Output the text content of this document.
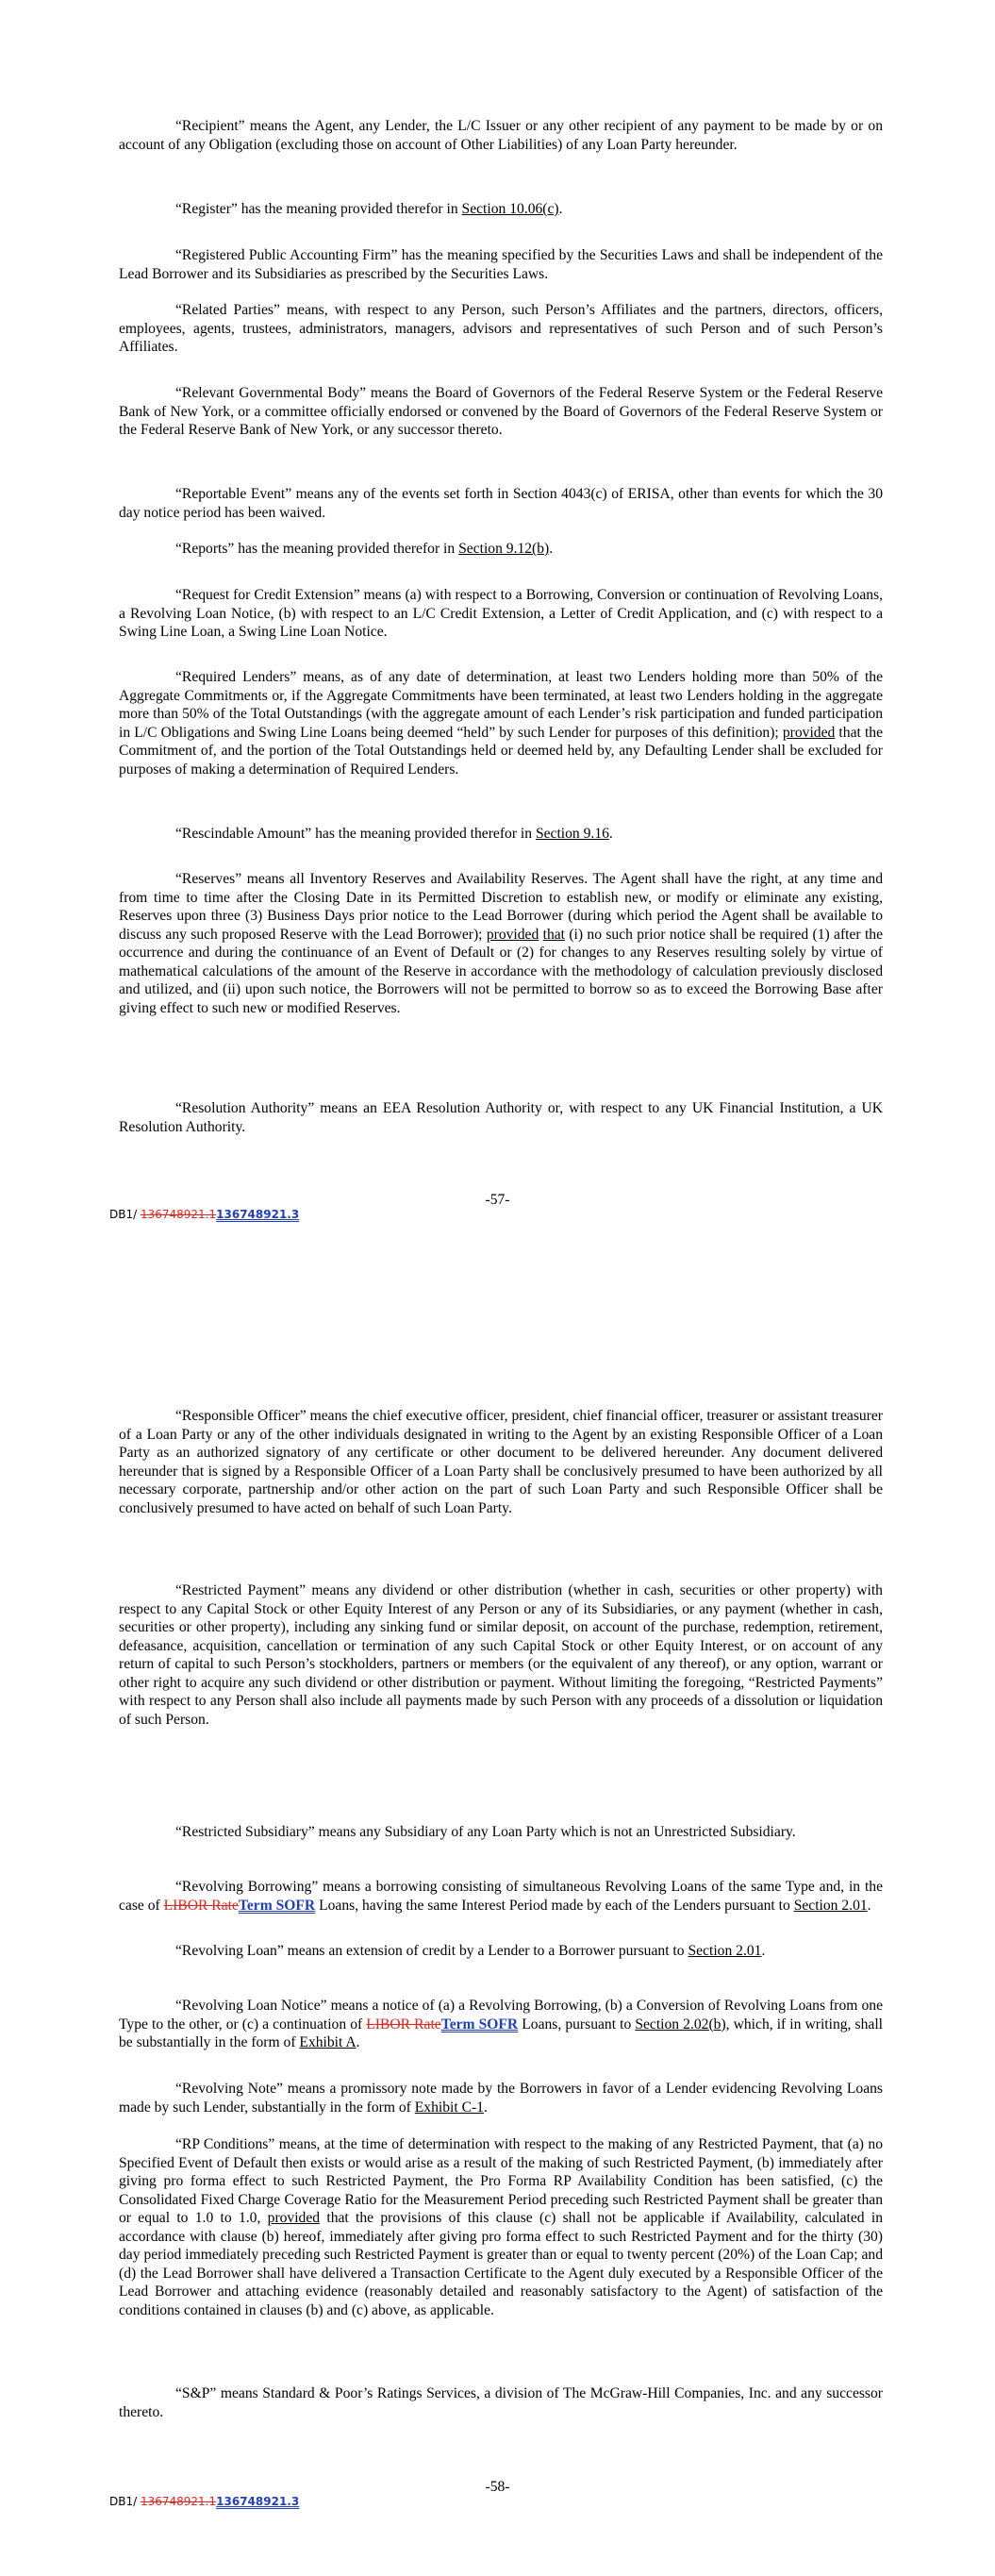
“Recipient” means the Agent, any Lender, the L/C Issuer or any other recipient of any payment to be made by or on account of any Obligation (excluding those on account of Other Liabilities) of any Loan Party hereunder.

“Register” has the meaning provided therefor in Section 10.06(c).

“Registered Public Accounting Firm” has the meaning specified by the Securities Laws and shall be independent of the Lead Borrower and its Subsidiaries as prescribed by the Securities Laws.

“Related Parties” means, with respect to any Person, such Person’s Affiliates and the partners, directors, officers, employees, agents, trustees, administrators, managers, advisors and representatives of such Person and of such Person’s Affiliates.

“Relevant Governmental Body” means the Board of Governors of the Federal Reserve System or the Federal Reserve Bank of New York, or a committee officially endorsed or convened by the Board of Governors of the Federal Reserve System or the Federal Reserve Bank of New York, or any successor thereto.

“Reportable Event” means any of the events set forth in Section 4043(c) of ERISA, other than events for which the 30 day notice period has been waived.

“Reports” has the meaning provided therefor in Section 9.12(b).

“Request for Credit Extension” means (a) with respect to a Borrowing, Conversion or continuation of Revolving Loans, a Revolving Loan Notice, (b) with respect to an L/C Credit Extension, a Letter of Credit Application, and (c) with respect to a Swing Line Loan, a Swing Line Loan Notice.

“Required Lenders” means, as of any date of determination, at least two Lenders holding more than 50% of the Aggregate Commitments or, if the Aggregate Commitments have been terminated, at least two Lenders holding in the aggregate more than 50% of the Total Outstandings (with the aggregate amount of each Lender’s risk participation and funded participation in L/C Obligations and Swing Line Loans being deemed “held” by such Lender for purposes of this definition); provided that the Commitment of, and the portion of the Total Outstandings held or deemed held by, any Defaulting Lender shall be excluded for purposes of making a determination of Required Lenders.

“Rescindable Amount” has the meaning provided therefor in Section 9.16.

“Reserves” means all Inventory Reserves and Availability Reserves. The Agent shall have the right, at any time and from time to time after the Closing Date in its Permitted Discretion to establish new, or modify or eliminate any existing, Reserves upon three (3) Business Days prior notice to the Lead Borrower (during which period the Agent shall be available to discuss any such proposed Reserve with the Lead Borrower); provided that (i) no such prior notice shall be required (1) after the occurrence and during the continuance of an Event of Default or (2) for changes to any Reserves resulting solely by virtue of mathematical calculations of the amount of the Reserve in accordance with the methodology of calculation previously disclosed and utilized, and (ii) upon such notice, the Borrowers will not be permitted to borrow so as to exceed the Borrowing Base after giving effect to such new or modified Reserves.

“Resolution Authority” means an EEA Resolution Authority or, with respect to any UK Financial Institution, a UK Resolution Authority.

DB1/ 136748921.1136748921.3
-57-

“Responsible Officer” means the chief executive officer, president, chief financial officer, treasurer or assistant treasurer of a Loan Party or any of the other individuals designated in writing to the Agent by an existing Responsible Officer of a Loan Party as an authorized signatory of any certificate or other document to be delivered hereunder. Any document delivered hereunder that is signed by a Responsible Officer of a Loan Party shall be conclusively presumed to have been authorized by all necessary corporate, partnership and/or other action on the part of such Loan Party and such Responsible Officer shall be conclusively presumed to have acted on behalf of such Loan Party.

“Restricted Payment” means any dividend or other distribution (whether in cash, securities or other property) with respect to any Capital Stock or other Equity Interest of any Person or any of its Subsidiaries, or any payment (whether in cash, securities or other property), including any sinking fund or similar deposit, on account of the purchase, redemption, retirement, defeasance, acquisition, cancellation or termination of any such Capital Stock or other Equity Interest, or on account of any return of capital to such Person’s stockholders, partners or members (or the equivalent of any thereof), or any option, warrant or other right to acquire any such dividend or other distribution or payment. Without limiting the foregoing, “Restricted Payments” with respect to any Person shall also include all payments made by such Person with any proceeds of a dissolution or liquidation of such Person.

“Restricted Subsidiary” means any Subsidiary of any Loan Party which is not an Unrestricted Subsidiary.

“Revolving Borrowing” means a borrowing consisting of simultaneous Revolving Loans of the same Type and, in the case of LIBOR RateTerm SOFR Loans, having the same Interest Period made by each of the Lenders pursuant to Section 2.01.

“Revolving Loan” means an extension of credit by a Lender to a Borrower pursuant to Section 2.01.

“Revolving Loan Notice” means a notice of (a) a Revolving Borrowing, (b) a Conversion of Revolving Loans from one Type to the other, or (c) a continuation of LIBOR RateTerm SOFR Loans, pursuant to Section 2.02(b), which, if in writing, shall be substantially in the form of Exhibit A.

“Revolving Note” means a promissory note made by the Borrowers in favor of a Lender evidencing Revolving Loans made by such Lender, substantially in the form of Exhibit C-1.

“RP Conditions” means, at the time of determination with respect to the making of any Restricted Payment, that (a) no Specified Event of Default then exists or would arise as a result of the making of such Restricted Payment, (b) immediately after giving pro forma effect to such Restricted Payment, the Pro Forma RP Availability Condition has been satisfied, (c) the Consolidated Fixed Charge Coverage Ratio for the Measurement Period preceding such Restricted Payment shall be greater than or equal to 1.0 to 1.0, provided that the provisions of this clause (c) shall not be applicable if Availability, calculated in accordance with clause (b) hereof, immediately after giving pro forma effect to such Restricted Payment and for the thirty (30) day period immediately preceding such Restricted Payment is greater than or equal to twenty percent (20%) of the Loan Cap; and (d) the Lead Borrower shall have delivered a Transaction Certificate to the Agent duly executed by a Responsible Officer of the Lead Borrower and attaching evidence (reasonably detailed and reasonably satisfactory to the Agent) of satisfaction of the conditions contained in clauses (b) and (c) above, as applicable.

“S&P” means Standard & Poor’s Ratings Services, a division of The McGraw-Hill Companies, Inc. and any successor thereto.

DB1/ 136748921.1136748921.3
-58-
